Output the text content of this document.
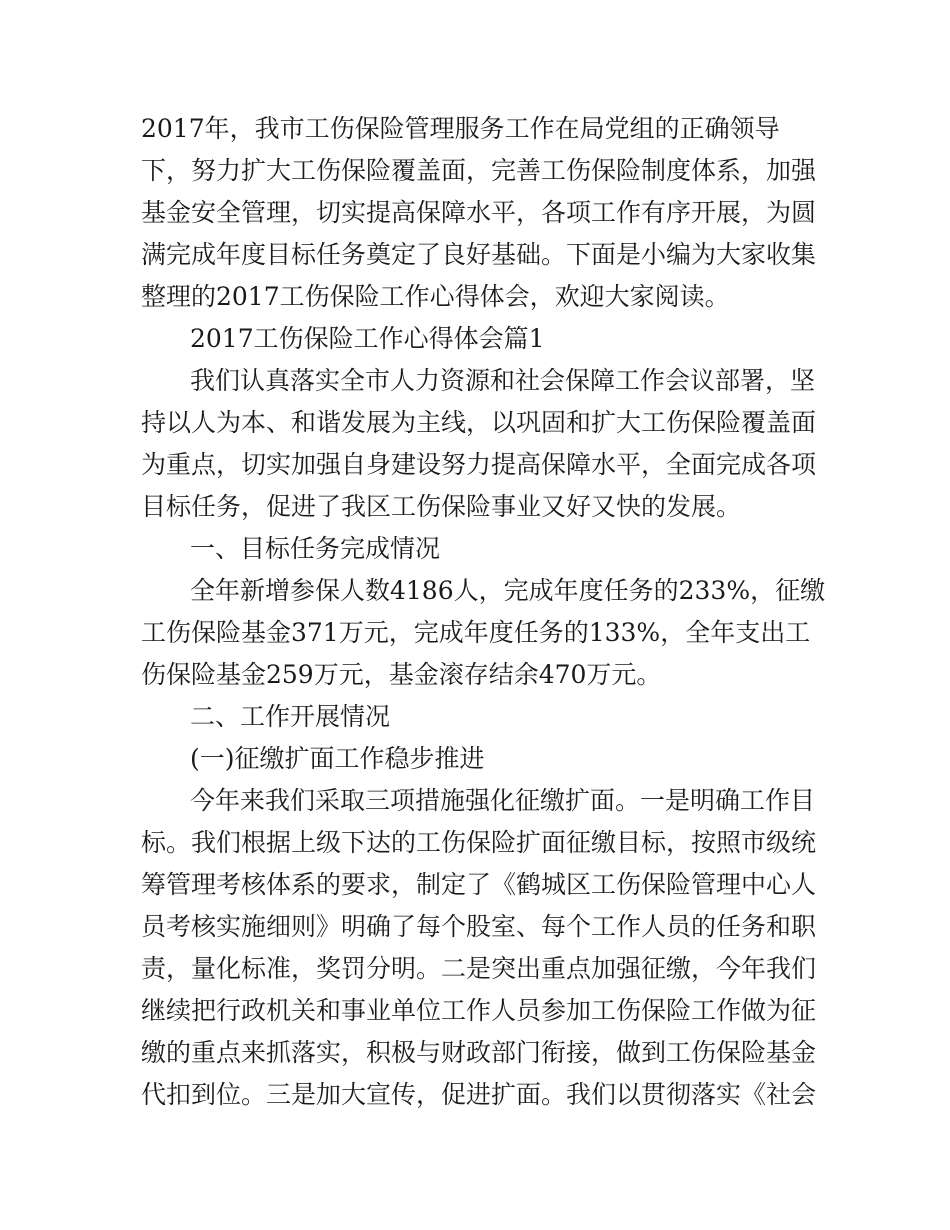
2017年，我市工伤保险管理服务工作在局党组的正确领导
下，努力扩大工伤保险覆盖面，完善工伤保险制度体系，加强
基金安全管理，切实提高保障水平，各项工作有序开展，为圆
满完成年度目标任务奠定了良好基础。下面是小编为大家收集
整理的2017工伤保险工作心得体会，欢迎大家阅读。
2017工伤保险工作心得体会篇1
我们认真落实全市人力资源和社会保障工作会议部署，坚
持以人为本、和谐发展为主线，以巩固和扩大工伤保险覆盖面
为重点，切实加强自身建设努力提高保障水平，全面完成各项
目标任务，促进了我区工伤保险事业又好又快的发展。
一、目标任务完成情况
全年新增参保人数4186人，完成年度任务的233%，征缴
工伤保险基金371万元，完成年度任务的133%，全年支出工
伤保险基金259万元，基金滚存结余470万元。
二、工作开展情况
(一)征缴扩面工作稳步推进
今年来我们采取三项措施强化征缴扩面。一是明确工作目
标。我们根据上级下达的工伤保险扩面征缴目标，按照市级统
筹管理考核体系的要求，制定了《鹤城区工伤保险管理中心人
员考核实施细则》明确了每个股室、每个工作人员的任务和职
责，量化标准，奖罚分明。二是突出重点加强征缴，今年我们
继续把行政机关和事业单位工作人员参加工伤保险工作做为征
缴的重点来抓落实，积极与财政部门衔接，做到工伤保险基金
代扣到位。三是加大宣传，促进扩面。我们以贯彻落实《社会
